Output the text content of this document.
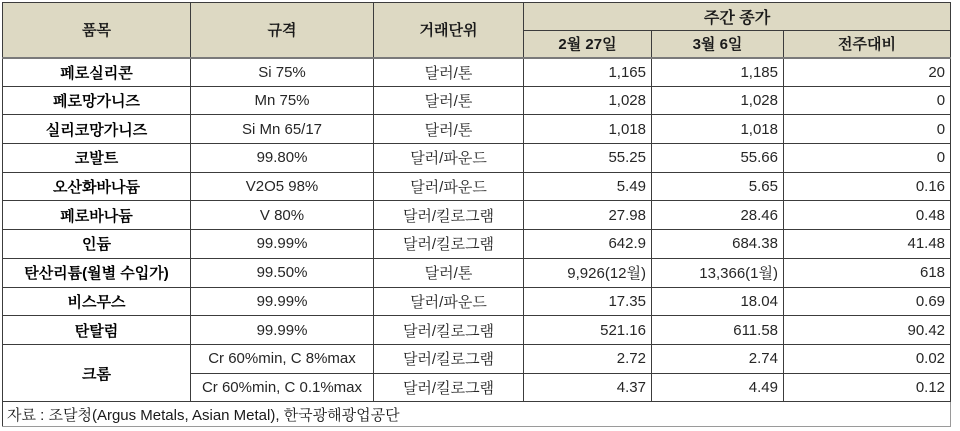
품목	규격	거래단위	주간 종가		
			2월 27일	3월 6일	전주대비
페로실리콘	Si 75%	달러/톤	1,165	1,185	20
페로망가니즈	Mn 75%	달러/톤	1,028	1,028	0
실리코망가니즈	Si Mn 65/17	달러/톤	1,018	1,018	0
코발트	99.80%	달러/파운드	55.25	55.66	0
오산화바나듐	V2O5 98%	달러/파운드	5.49	5.65	0.16
페로바나듐	V 80%	달러/킬로그램	27.98	28.46	0.48
인듐	99.99%	달러/킬로그램	642.9	684.38	41.48
탄산리튬(월별 수입가)	99.50%	달러/톤	9,926(12월)	13,366(1월)	618
비스무스	99.99%	달러/파운드	17.35	18.04	0.69
탄탈럼	99.99%	달러/킬로그램	521.16	611.58	90.42
크롬	Cr 60%min, C 8%max	달러/킬로그램	2.72	2.74	0.02
	Cr 60%min, C 0.1%max	달러/킬로그램	4.37	4.49	0.12
자료 : 조달청(Argus Metals, Asian Metal), 한국광해광업공단					
